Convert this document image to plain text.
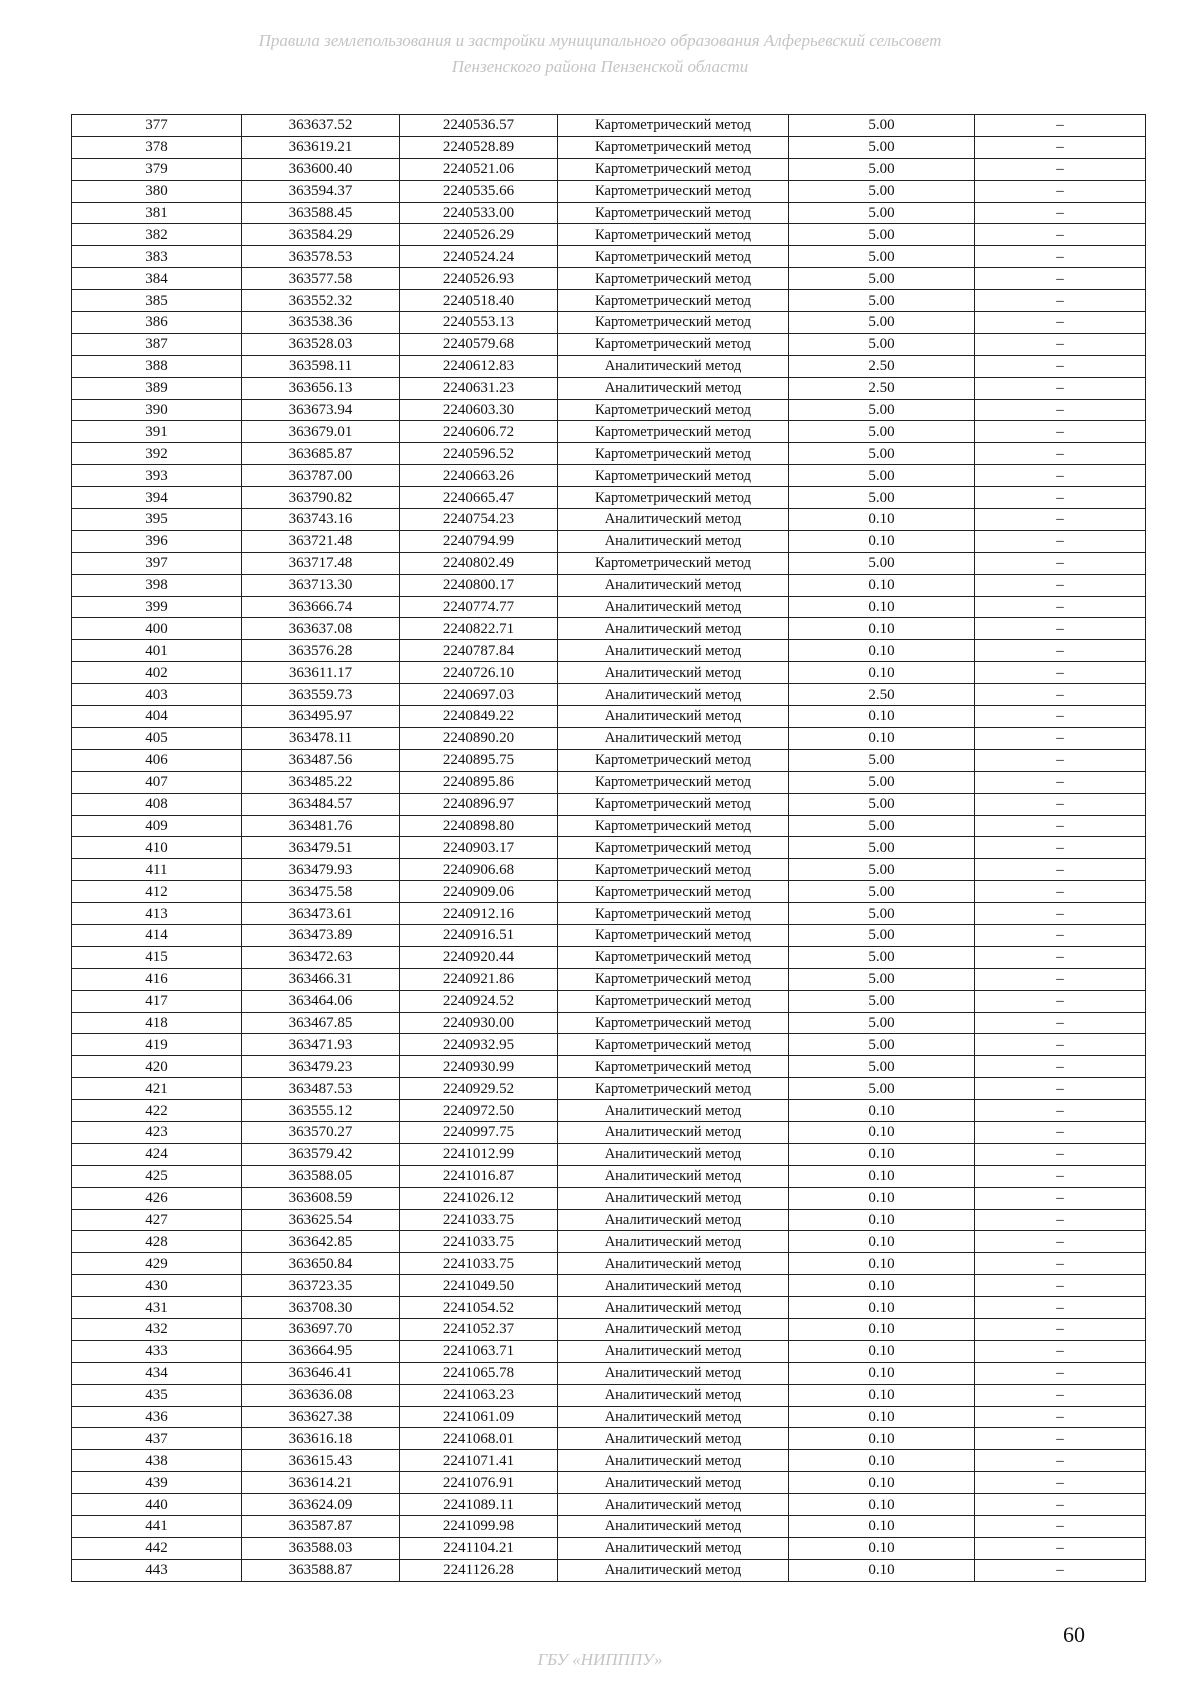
Правила землепользования и застройки муниципального образования Алферьевский сельсовет
Пензенского района Пензенской области
377	363637.52	2240536.57	Картометрический метод	5.00	–
378	363619.21	2240528.89	Картометрический метод	5.00	–
379	363600.40	2240521.06	Картометрический метод	5.00	–
380	363594.37	2240535.66	Картометрический метод	5.00	–
381	363588.45	2240533.00	Картометрический метод	5.00	–
382	363584.29	2240526.29	Картометрический метод	5.00	–
383	363578.53	2240524.24	Картометрический метод	5.00	–
384	363577.58	2240526.93	Картометрический метод	5.00	–
385	363552.32	2240518.40	Картометрический метод	5.00	–
386	363538.36	2240553.13	Картометрический метод	5.00	–
387	363528.03	2240579.68	Картометрический метод	5.00	–
388	363598.11	2240612.83	Аналитический метод	2.50	–
389	363656.13	2240631.23	Аналитический метод	2.50	–
390	363673.94	2240603.30	Картометрический метод	5.00	–
391	363679.01	2240606.72	Картометрический метод	5.00	–
392	363685.87	2240596.52	Картометрический метод	5.00	–
393	363787.00	2240663.26	Картометрический метод	5.00	–
394	363790.82	2240665.47	Картометрический метод	5.00	–
395	363743.16	2240754.23	Аналитический метод	0.10	–
396	363721.48	2240794.99	Аналитический метод	0.10	–
397	363717.48	2240802.49	Картометрический метод	5.00	–
398	363713.30	2240800.17	Аналитический метод	0.10	–
399	363666.74	2240774.77	Аналитический метод	0.10	–
400	363637.08	2240822.71	Аналитический метод	0.10	–
401	363576.28	2240787.84	Аналитический метод	0.10	–
402	363611.17	2240726.10	Аналитический метод	0.10	–
403	363559.73	2240697.03	Аналитический метод	2.50	–
404	363495.97	2240849.22	Аналитический метод	0.10	–
405	363478.11	2240890.20	Аналитический метод	0.10	–
406	363487.56	2240895.75	Картометрический метод	5.00	–
407	363485.22	2240895.86	Картометрический метод	5.00	–
408	363484.57	2240896.97	Картометрический метод	5.00	–
409	363481.76	2240898.80	Картометрический метод	5.00	–
410	363479.51	2240903.17	Картометрический метод	5.00	–
411	363479.93	2240906.68	Картометрический метод	5.00	–
412	363475.58	2240909.06	Картометрический метод	5.00	–
413	363473.61	2240912.16	Картометрический метод	5.00	–
414	363473.89	2240916.51	Картометрический метод	5.00	–
415	363472.63	2240920.44	Картометрический метод	5.00	–
416	363466.31	2240921.86	Картометрический метод	5.00	–
417	363464.06	2240924.52	Картометрический метод	5.00	–
418	363467.85	2240930.00	Картометрический метод	5.00	–
419	363471.93	2240932.95	Картометрический метод	5.00	–
420	363479.23	2240930.99	Картометрический метод	5.00	–
421	363487.53	2240929.52	Картометрический метод	5.00	–
422	363555.12	2240972.50	Аналитический метод	0.10	–
423	363570.27	2240997.75	Аналитический метод	0.10	–
424	363579.42	2241012.99	Аналитический метод	0.10	–
425	363588.05	2241016.87	Аналитический метод	0.10	–
426	363608.59	2241026.12	Аналитический метод	0.10	–
427	363625.54	2241033.75	Аналитический метод	0.10	–
428	363642.85	2241033.75	Аналитический метод	0.10	–
429	363650.84	2241033.75	Аналитический метод	0.10	–
430	363723.35	2241049.50	Аналитический метод	0.10	–
431	363708.30	2241054.52	Аналитический метод	0.10	–
432	363697.70	2241052.37	Аналитический метод	0.10	–
433	363664.95	2241063.71	Аналитический метод	0.10	–
434	363646.41	2241065.78	Аналитический метод	0.10	–
435	363636.08	2241063.23	Аналитический метод	0.10	–
436	363627.38	2241061.09	Аналитический метод	0.10	–
437	363616.18	2241068.01	Аналитический метод	0.10	–
438	363615.43	2241071.41	Аналитический метод	0.10	–
439	363614.21	2241076.91	Аналитический метод	0.10	–
440	363624.09	2241089.11	Аналитический метод	0.10	–
441	363587.87	2241099.98	Аналитический метод	0.10	–
442	363588.03	2241104.21	Аналитический метод	0.10	–
443	363588.87	2241126.28	Аналитический метод	0.10	–
60
ГБУ «НИПППУ»
